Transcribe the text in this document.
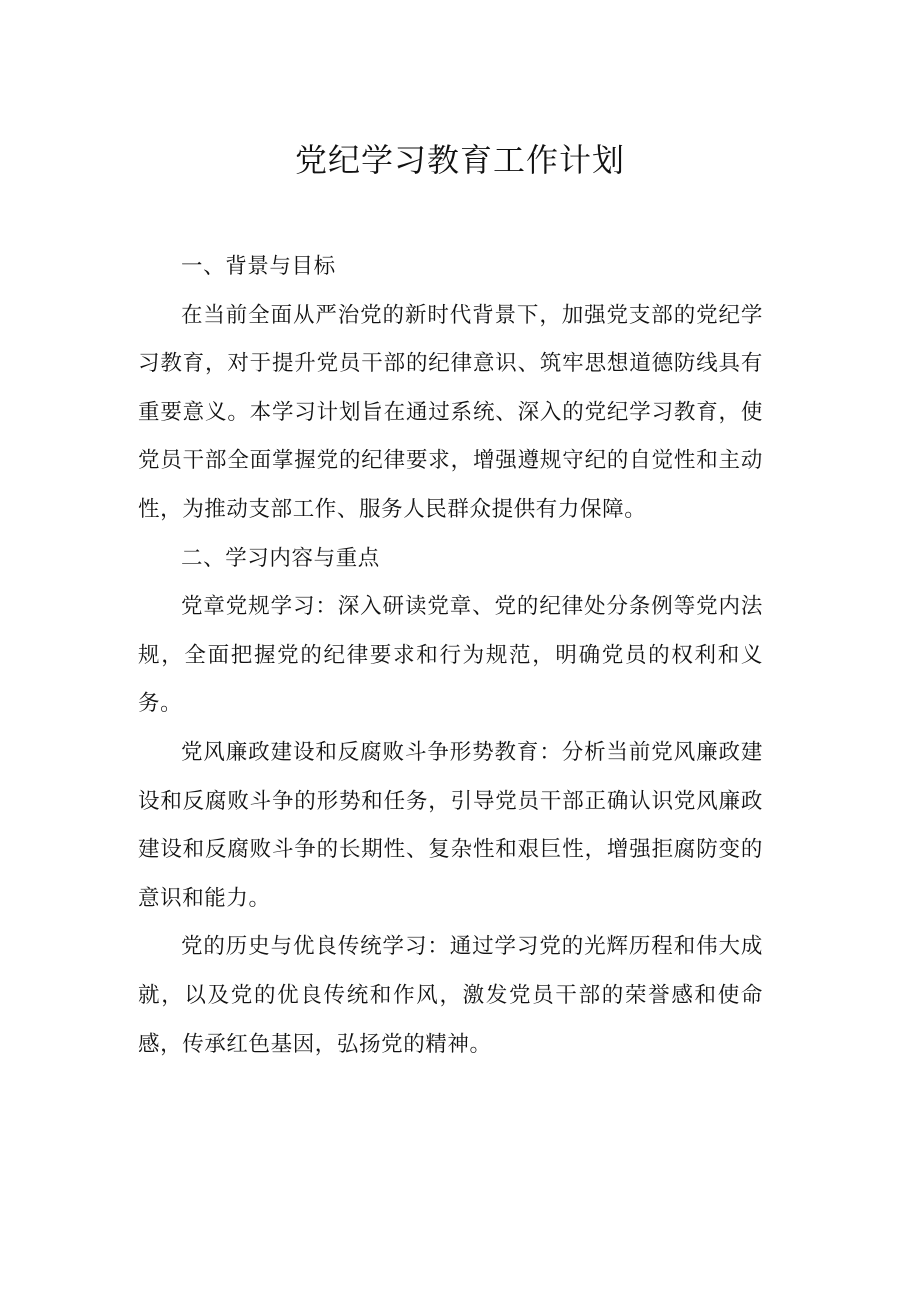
党纪学习教育工作计划

一、背景与目标

在当前全面从严治党的新时代背景下，加强党支部的党纪学习教育，对于提升党员干部的纪律意识、筑牢思想道德防线具有重要意义。本学习计划旨在通过系统、深入的党纪学习教育，使党员干部全面掌握党的纪律要求，增强遵规守纪的自觉性和主动性，为推动支部工作、服务人民群众提供有力保障。

二、学习内容与重点

党章党规学习：深入研读党章、党的纪律处分条例等党内法规，全面把握党的纪律要求和行为规范，明确党员的权利和义务。

党风廉政建设和反腐败斗争形势教育：分析当前党风廉政建设和反腐败斗争的形势和任务，引导党员干部正确认识党风廉政建设和反腐败斗争的长期性、复杂性和艰巨性，增强拒腐防变的意识和能力。

党的历史与优良传统学习：通过学习党的光辉历程和伟大成就，以及党的优良传统和作风，激发党员干部的荣誉感和使命感，传承红色基因，弘扬党的精神。
